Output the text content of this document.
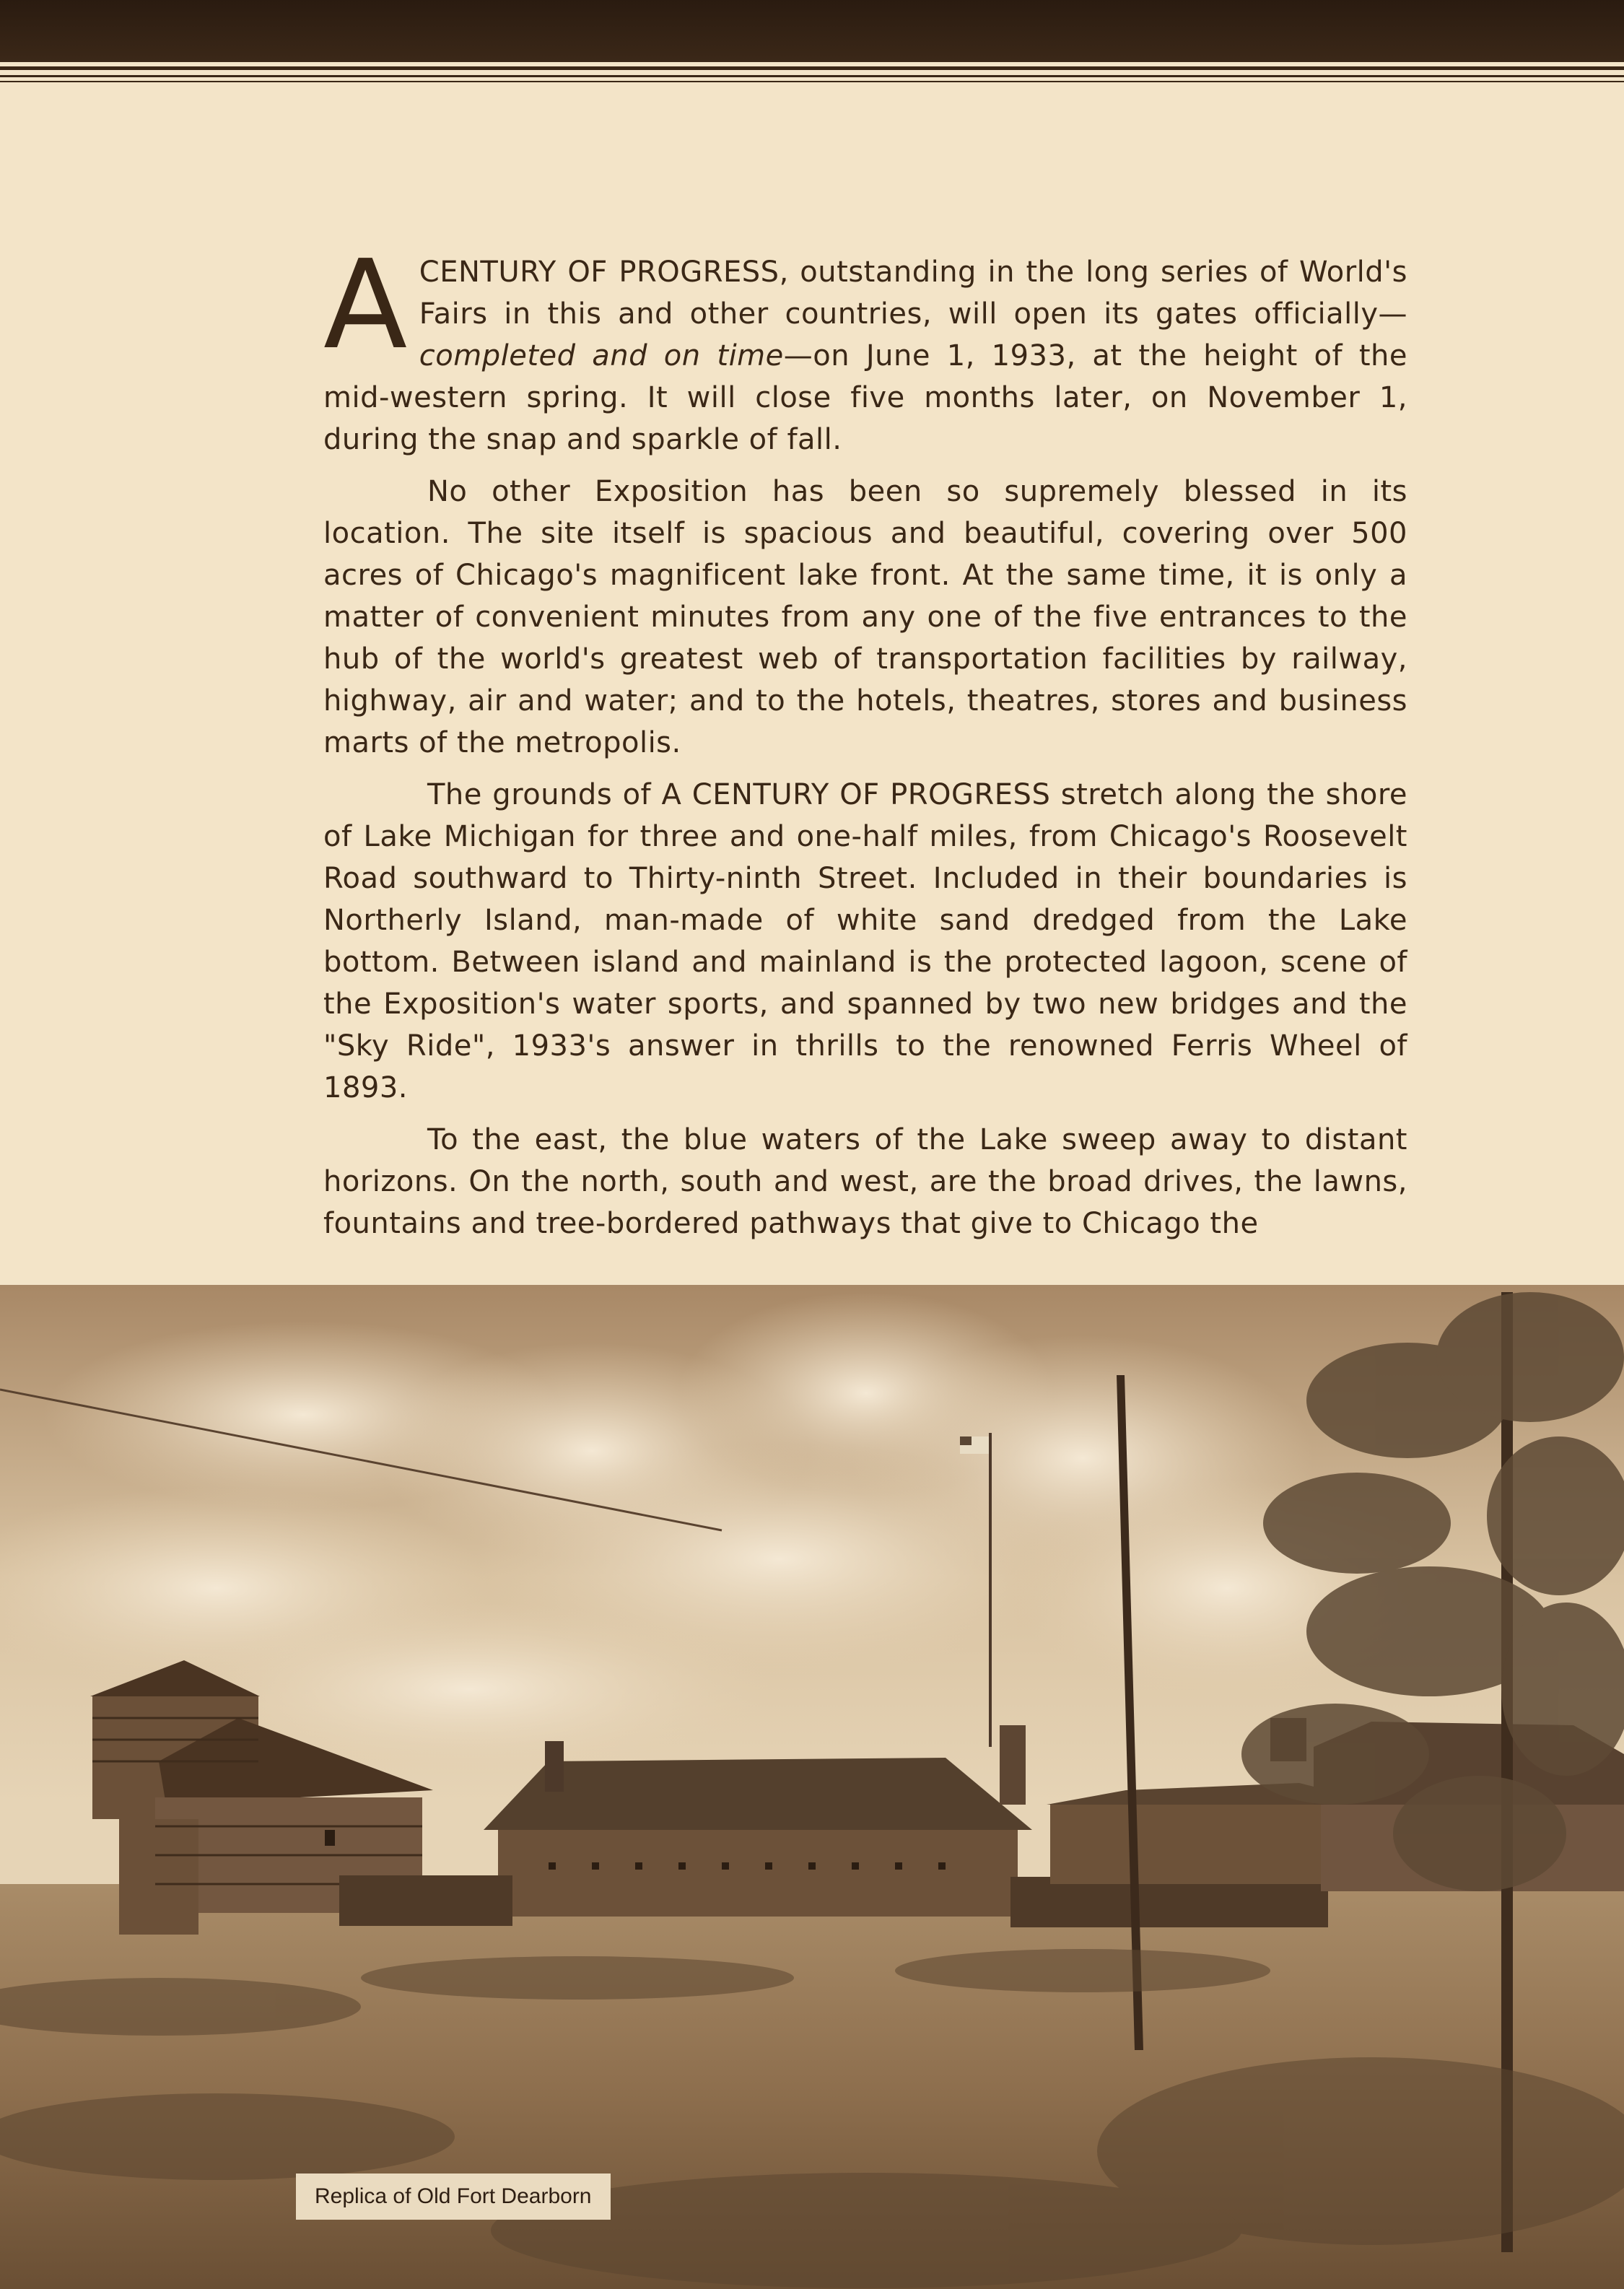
ACENTURY OF PROGRESS, outstanding in the long series of World's Fairs in this and other countries, will open its gates officially—completed and on time—on June 1, 1933, at the height of the mid-western spring. It will close five months later, on November 1, during the snap and sparkle of fall.

No other Exposition has been so supremely blessed in its location. The site itself is spacious and beautiful, covering over 500 acres of Chicago's magnificent lake front. At the same time, it is only a matter of convenient minutes from any one of the five entrances to the hub of the world's greatest web of transportation facilities by railway, highway, air and water; and to the hotels, theatres, stores and business marts of the metropolis.

The grounds of A CENTURY OF PROGRESS stretch along the shore of Lake Michigan for three and one-half miles, from Chicago's Roosevelt Road southward to Thirty-ninth Street. Included in their boundaries is Northerly Island, man-made of white sand dredged from the Lake bottom. Between island and mainland is the protected lagoon, scene of the Exposition's water sports, and spanned by two new bridges and the "Sky Ride", 1933's answer in thrills to the renowned Ferris Wheel of 1893.

To the east, the blue waters of the Lake sweep away to distant horizons. On the north, south and west, are the broad drives, the lawns, fountains and tree-bordered pathways that give to Chicago the

Replica of Old Fort Dearborn
